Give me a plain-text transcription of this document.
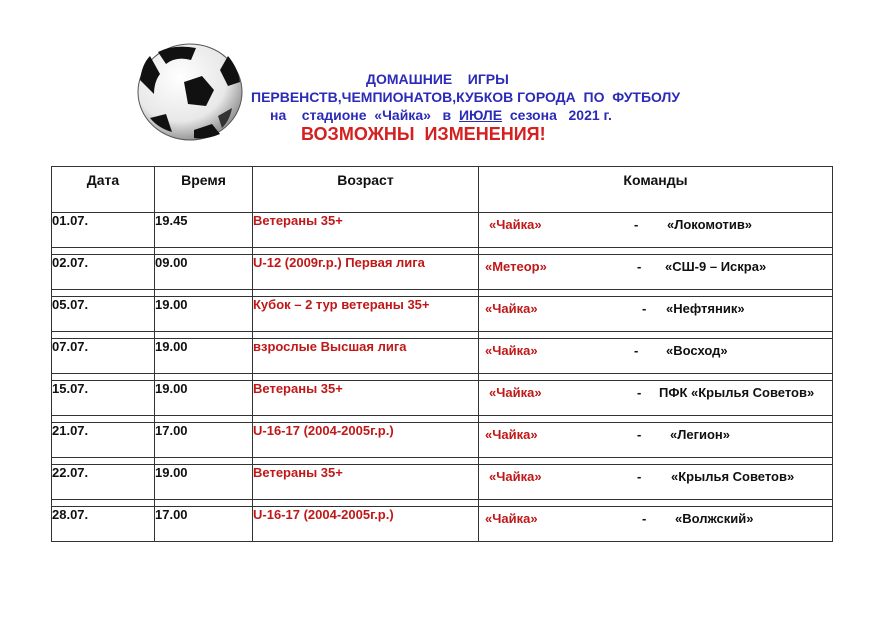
ДОМАШНИЕ    ИГРЫ
ПЕРВЕНСТВ,ЧЕМПИОНАТОВ,КУБКОВ ГОРОДА  ПО  ФУТБОЛУ
на    стадионе  «Чайка»   в  ИЮЛЕ  сезона   2021 г.
ВОЗМОЖНЫ  ИЗМЕНЕНИЯ!
Дата	Время	Возраст	Команды
01.07.	19.45	Ветераны 35+	«Чайка» - «Локомотив»

02.07.	09.00	U-12 (2009г.р.) Первая лига	«Метеор» - «СШ-9 – Искра»

05.07.	19.00	Кубок – 2 тур ветераны 35+	«Чайка» - «Нефтяник»

07.07.	19.00	взрослые Высшая лига	«Чайка» - «Восход»

15.07.	19.00	Ветераны 35+	«Чайка» - ПФК «Крылья Советов»

21.07.	17.00	U-16-17 (2004-2005г.р.)	«Чайка» - «Легион»

22.07.	19.00	Ветераны 35+	«Чайка» - «Крылья Советов»

28.07.	17.00	U-16-17 (2004-2005г.р.)	«Чайка» - «Волжский»
